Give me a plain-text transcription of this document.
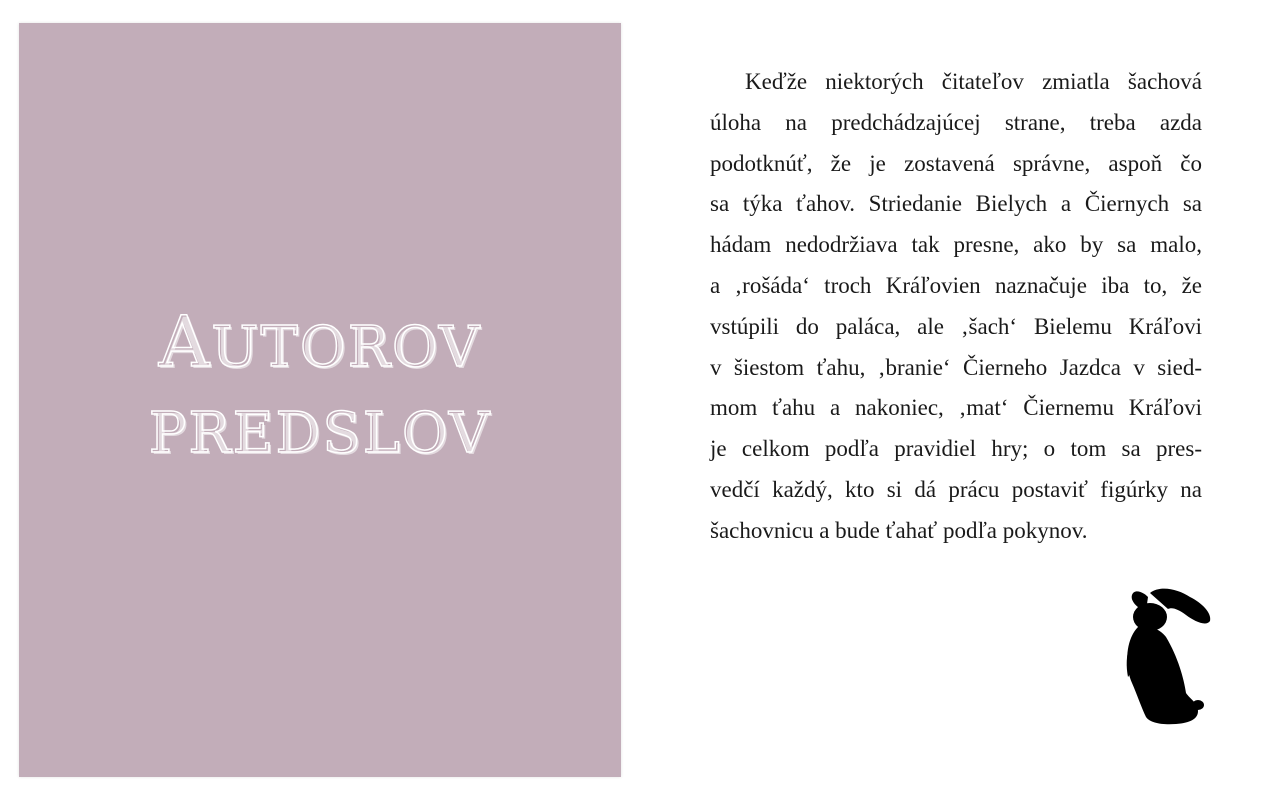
AUTOROV
PREDSLOV
Keďže niektorých čitateľov zmiatla šachová
úloha na predchádzajúcej strane, treba azda
podotknúť, že je zostavená správne, aspoň čo
sa týka ťahov. Striedanie Bielych a Čiernych sa
hádam nedodržiava tak presne, ako by sa malo,
a ‚rošáda‘ troch Kráľovien naznačuje iba to, že
vstúpili do paláca, ale ‚šach‘ Bielemu Kráľovi
v šiestom ťahu, ‚branie‘ Čierneho Jazdca v sied-
mom ťahu a nakoniec, ‚mat‘ Čiernemu Kráľovi
je celkom podľa pravidiel hry; o tom sa pres-
vedčí každý, kto si dá prácu postaviť figúrky na
šachovnicu a bude ťahať podľa pokynov.
